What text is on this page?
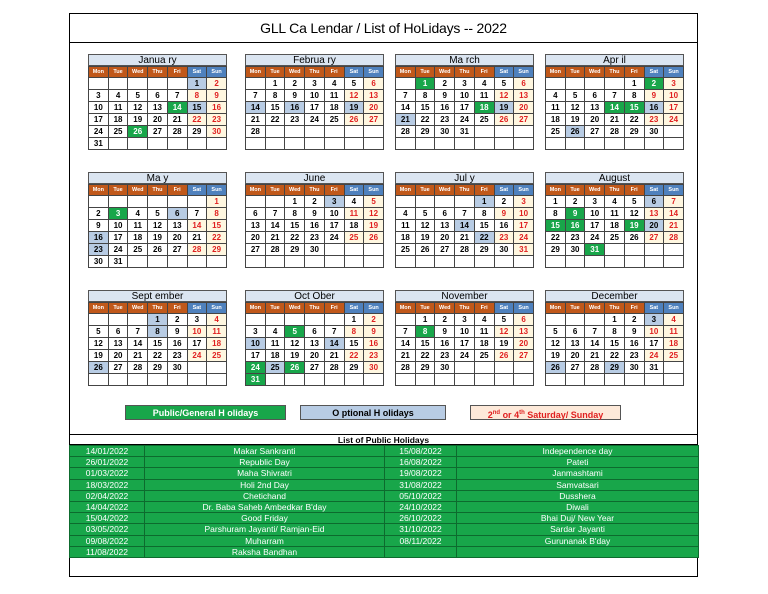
GLL Ca Lendar / List of HoLidays -- 2022
Janua ry
Mon	Tue	Wed	Thu	Fri	Sat	Sun
					1	2
3	4	5	6	7	8	9
10	11	12	13	14	15	16
17	18	19	20	21	22	23
24	25	26	27	28	29	30
31						
Februa ry
Mon	Tue	Wed	Thu	Fri	Sat	Sun
	1	2	3	4	5	6
7	8	9	10	11	12	13
14	15	16	17	18	19	20
21	22	23	24	25	26	27
28						

Ma rch
Mon	Tue	Wed	Thu	Fri	Sat	Sun
	1	2	3	4	5	6
7	8	9	10	11	12	13
14	15	16	17	18	19	20
21	22	23	24	25	26	27
28	29	30	31			

Apr il
Mon	Tue	Wed	Thu	Fri	Sat	Sun
				1	2	3
4	5	6	7	8	9	10
11	12	13	14	15	16	17
18	19	20	21	22	23	24
25	26	27	28	29	30	

Ma y
Mon	Tue	Wed	Thu	Fri	Sat	Sun
						1
2	3	4	5	6	7	8
9	10	11	12	13	14	15
16	17	18	19	20	21	22
23	24	25	26	27	28	29
30	31					
June
Mon	Tue	Wed	Thu	Fri	Sat	Sun
		1	2	3	4	5
6	7	8	9	10	11	12
13	14	15	16	17	18	19
20	21	22	23	24	25	26
27	28	29	30			

Jul y
Mon	Tue	Wed	Thu	Fri	Sat	Sun
				1	2	3
4	5	6	7	8	9	10
11	12	13	14	15	16	17
18	19	20	21	22	23	24
25	26	27	28	29	30	31

August
Mon	Tue	Wed	Thu	Fri	Sat	Sun
1	2	3	4	5	6	7
8	9	10	11	12	13	14
15	16	17	18	19	20	21
22	23	24	25	26	27	28
29	30	31				

Sept ember
Mon	Tue	Wed	Thu	Fri	Sat	Sun
			1	2	3	4
5	6	7	8	9	10	11
12	13	14	15	16	17	18
19	20	21	22	23	24	25
26	27	28	29	30		

Oct Ober
Mon	Tue	Wed	Thu	Fri	Sat	Sun
					1	2
3	4	5	6	7	8	9
10	11	12	13	14	15	16
17	18	19	20	21	22	23
24	25	26	27	28	29	30
31						
November
Mon	Tue	Wed	Thu	Fri	Sat	Sun
	1	2	3	4	5	6
7	8	9	10	11	12	13
14	15	16	17	18	19	20
21	22	23	24	25	26	27
28	29	30				

December
Mon	Tue	Wed	Thu	Fri	Sat	Sun
			1	2	3	4
5	6	7	8	9	10	11
12	13	14	15	16	17	18
19	20	21	22	23	24	25
26	27	28	29	30	31	

Public/General H olidays	O ptional H olidays	2nd or 4th Saturday/ Sunday
List of Public Holidays
14/01/2022	Makar Sankranti	15/08/2022	Independence day
26/01/2022	Republic Day	16/08/2022	Pateti
01/03/2022	Maha Shivratri	19/08/2022	Janmashtami
18/03/2022	Holi 2nd Day	31/08/2022	Samvatsari
02/04/2022	Chetichand	05/10/2022	Dusshera
14/04/2022	Dr. Baba Saheb Ambedkar B'day	24/10/2022	Diwali
15/04/2022	Good Friday	26/10/2022	Bhai Duj/ New Year
03/05/2022	Parshuram Jayanti/ Ramjan-Eid	31/10/2022	Sardar Jayanti
09/08/2022	Muharram	08/11/2022	Gurunanak B'day
11/08/2022	Raksha Bandhan		
